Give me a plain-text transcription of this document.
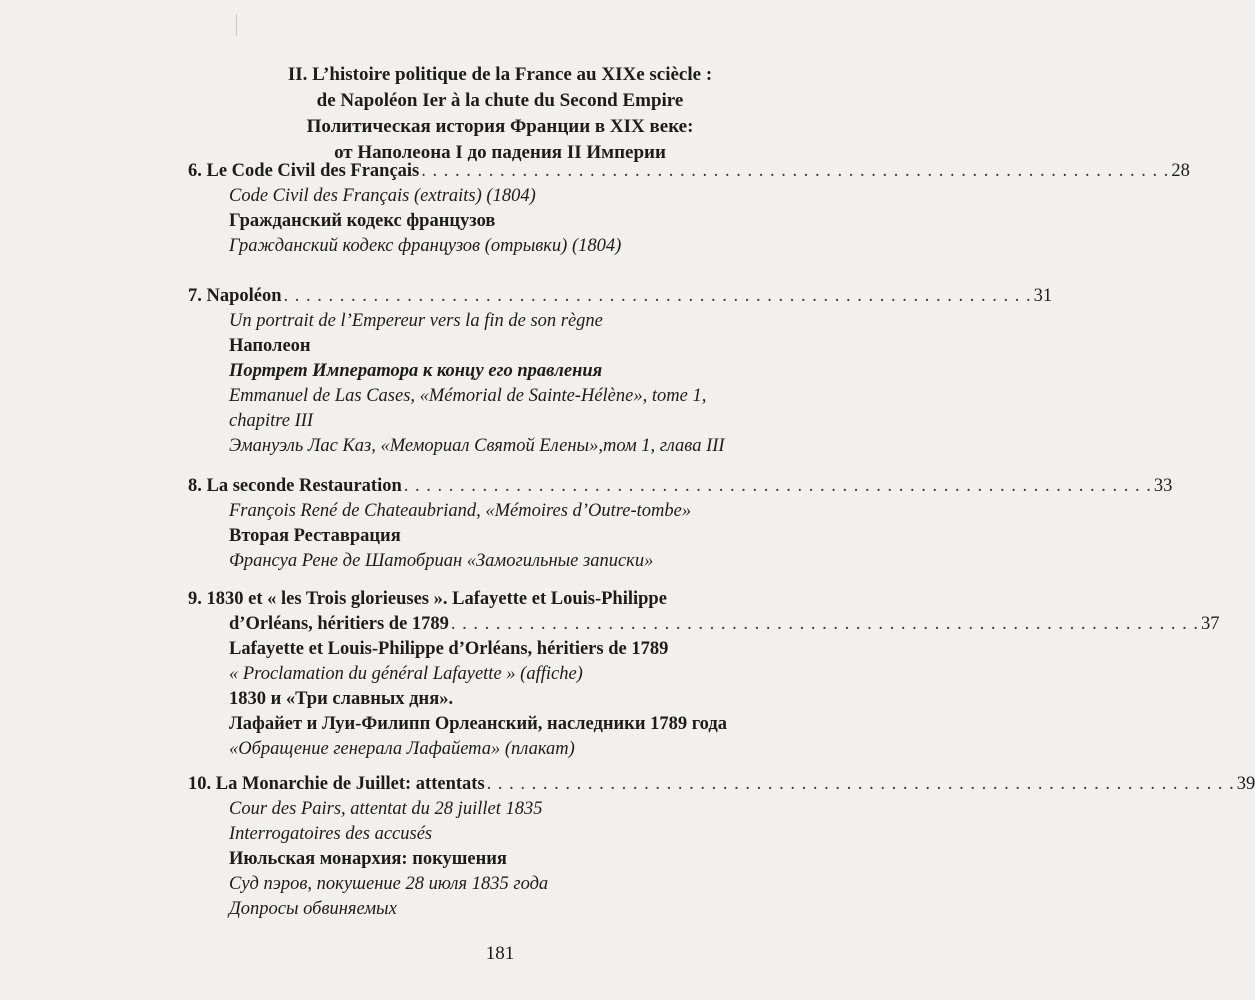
II. L’histoire politique de la France au XIXe sciècle :
de Napoléon Ier à la chute du Second Empire
Политическая история Франции в XIX веке:
от Наполеона I до падения II Империи
6. Le Code Civil des Français . . . . . . . . . . . . . . . . . . . . . . . . . . . . . . . . . . . . . . . . . . . . . . . . . . . . . . . . . . . . . . . . . . . 28
Code Civil des Français (extraits) (1804)
Гражданский кодекс французов
Гражданский кодекс французов (отрывки) (1804)
7. Napoléon . . . . . . . . . . . . . . . . . . . . . . . . . . . . . . . . . . . . . . . . . . . . . . . . . . . . . . . . . . . . . . . . . . . 31
Un portrait de l’Empereur vers la fin de son règne
Наполеон
Портрет Императора к концу его правления
Emmanuel de Las Cases, «Mémorial de Sainte-Hélène», tome 1,
chapitre III
Эмануэль Лас Каз, «Мемориал Святой Елены»,том 1, глава III
8. La seconde Restauration . . . . . . . . . . . . . . . . . . . . . . . . . . . . . . . . . . . . . . . . . . . . . . . . . . . . . . . . . . . . . . . . . . . 33
François René de Chateaubriand, «Mémoires d’Outre-tombe»
Вторая Реставрация
Франсуа Рене де Шатобриан «Замогильные записки»
9. 1830 et « les Trois glorieuses ». Lafayette et Louis-Philippe
d’Orléans, héritiers de 1789 . . . . . . . . . . . . . . . . . . . . . . . . . . . . . . . . . . . . . . . . . . . . . . . . . . . . . . . . . . . . . . . . . . . 37
Lafayette et Louis-Philippe d’Orléans, héritiers de 1789
« Proclamation du général Lafayette » (affiche)
1830 и «Три славных дня».
Лафайет и Луи-Филипп Орлеанский, наследники 1789 года
«Обращение генерала Лафайета» (плакат)
10. La Monarchie de Juillet: attentats . . . . . . . . . . . . . . . . . . . . . . . . . . . . . . . . . . . . . . . . . . . . . . . . . . . . . . . . . . . . . . . . . . . 39
Cour des Pairs, attentat du 28 juillet 1835
Interrogatoires des accusés
Июльская монархия: покушения
Суд пэров, покушение 28 июля 1835 года
Допросы обвиняемых
181
